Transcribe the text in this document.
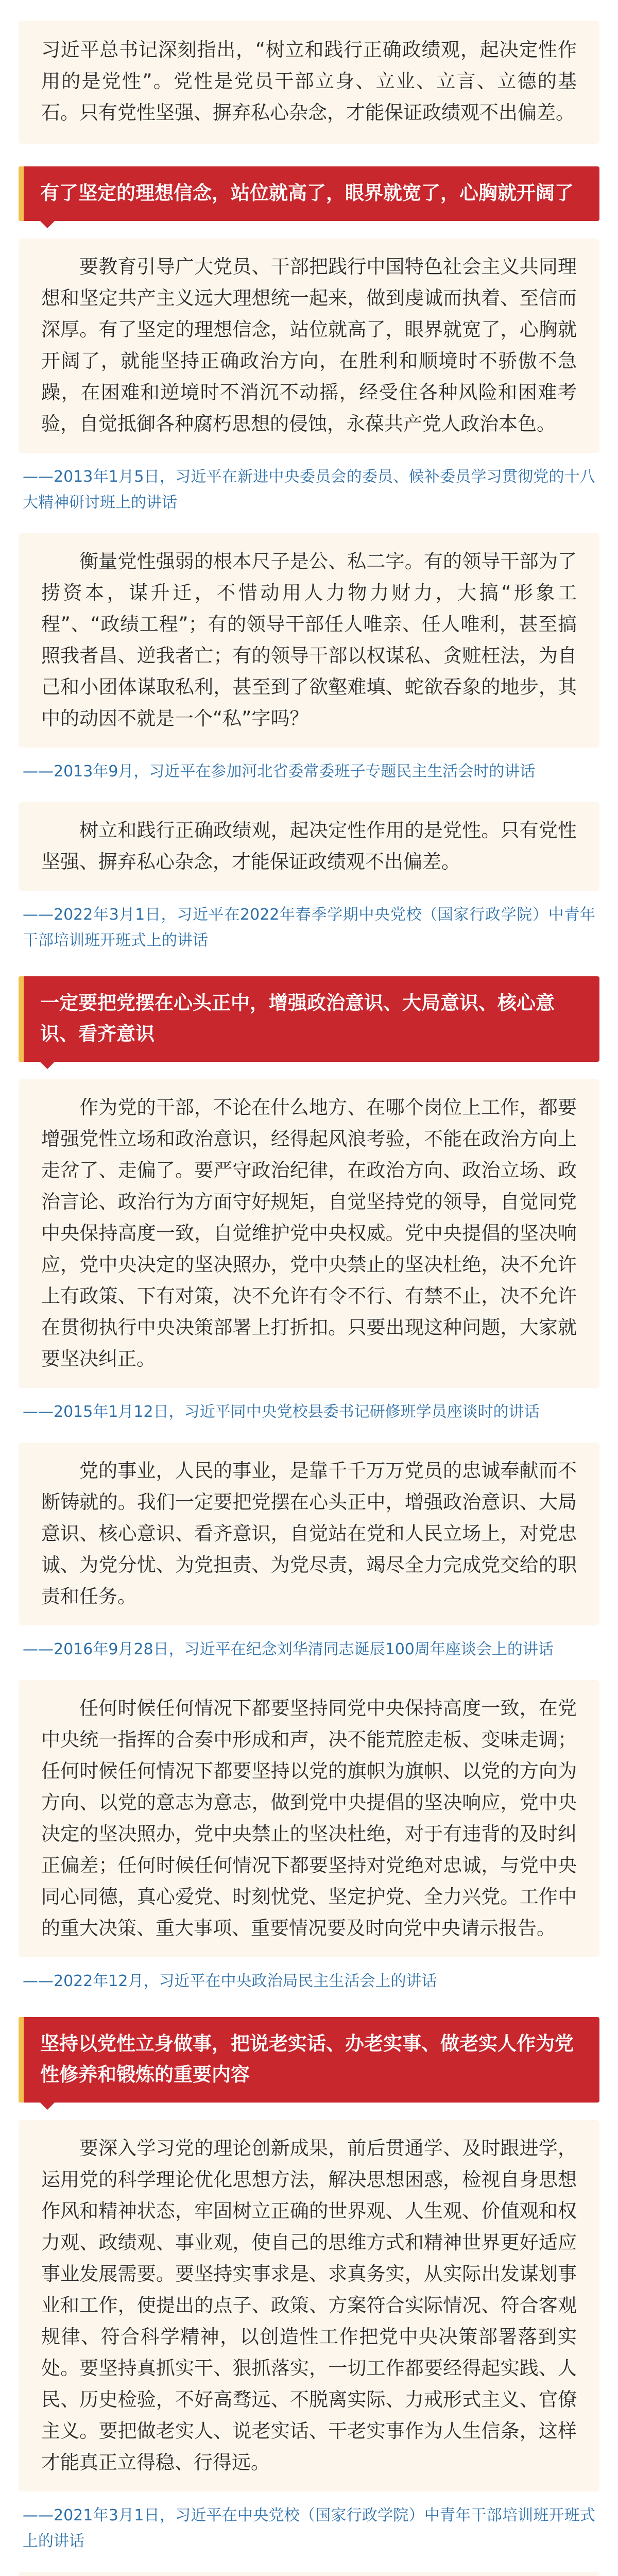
习近平总书记深刻指出，“树立和践行正确政绩观，起决定性作用的是党性”。党性是党员干部立身、立业、立言、立德的基石。只有党性坚强、摒弃私心杂念，才能保证政绩观不出偏差。

有了坚定的理想信念，站位就高了，眼界就宽了，心胸就开阔了

要教育引导广大党员、干部把践行中国特色社会主义共同理想和坚定共产主义远大理想统一起来，做到虔诚而执着、至信而深厚。有了坚定的理想信念，站位就高了，眼界就宽了，心胸就开阔了，就能坚持正确政治方向，在胜利和顺境时不骄傲不急躁，在困难和逆境时不消沉不动摇，经受住各种风险和困难考验，自觉抵御各种腐朽思想的侵蚀，永葆共产党人政治本色。

——2013年1月5日，习近平在新进中央委员会的委员、候补委员学习贯彻党的十八大精神研讨班上的讲话

衡量党性强弱的根本尺子是公、私二字。有的领导干部为了捞资本，谋升迁，不惜动用人力物力财力，大搞“形象工程”、“政绩工程”；有的领导干部任人唯亲、任人唯利，甚至搞照我者昌、逆我者亡；有的领导干部以权谋私、贪赃枉法，为自己和小团体谋取私利，甚至到了欲壑难填、蛇欲吞象的地步，其中的动因不就是一个“私”字吗？

——2013年9月，习近平在参加河北省委常委班子专题民主生活会时的讲话

树立和践行正确政绩观，起决定性作用的是党性。只有党性坚强、摒弃私心杂念，才能保证政绩观不出偏差。

——2022年3月1日，习近平在2022年春季学期中央党校（国家行政学院）中青年干部培训班开班式上的讲话
一定要把党摆在心头正中，增强政治意识、大局意识、核心意识、看齐意识

作为党的干部，不论在什么地方、在哪个岗位上工作，都要增强党性立场和政治意识，经得起风浪考验，不能在政治方向上走岔了、走偏了。要严守政治纪律，在政治方向、政治立场、政治言论、政治行为方面守好规矩，自觉坚持党的领导，自觉同党中央保持高度一致，自觉维护党中央权威。党中央提倡的坚决响应，党中央决定的坚决照办，党中央禁止的坚决杜绝，决不允许上有政策、下有对策，决不允许有令不行、有禁不止，决不允许在贯彻执行中央决策部署上打折扣。只要出现这种问题，大家就要坚决纠正。

——2015年1月12日，习近平同中央党校县委书记研修班学员座谈时的讲话

党的事业，人民的事业，是靠千千万万党员的忠诚奉献而不断铸就的。我们一定要把党摆在心头正中，增强政治意识、大局意识、核心意识、看齐意识，自觉站在党和人民立场上，对党忠诚、为党分忧、为党担责、为党尽责，竭尽全力完成党交给的职责和任务。

——2016年9月28日，习近平在纪念刘华清同志诞辰100周年座谈会上的讲话

任何时候任何情况下都要坚持同党中央保持高度一致，在党中央统一指挥的合奏中形成和声，决不能荒腔走板、变味走调；任何时候任何情况下都要坚持以党的旗帜为旗帜、以党的方向为方向、以党的意志为意志，做到党中央提倡的坚决响应，党中央决定的坚决照办，党中央禁止的坚决杜绝，对于有违背的及时纠正偏差；任何时候任何情况下都要坚持对党绝对忠诚，与党中央同心同德，真心爱党、时刻忧党、坚定护党、全力兴党。工作中的重大决策、重大事项、重要情况要及时向党中央请示报告。

——2022年12月，习近平在中央政治局民主生活会上的讲话
坚持以党性立身做事，把说老实话、办老实事、做老实人作为党性修养和锻炼的重要内容

要深入学习党的理论创新成果，前后贯通学、及时跟进学，运用党的科学理论优化思想方法，解决思想困惑，检视自身思想作风和精神状态，牢固树立正确的世界观、人生观、价值观和权力观、政绩观、事业观，使自己的思维方式和精神世界更好适应事业发展需要。要坚持实事求是、求真务实，从实际出发谋划事业和工作，使提出的点子、政策、方案符合实际情况、符合客观规律、符合科学精神，以创造性工作把党中央决策部署落到实处。要坚持真抓实干、狠抓落实，一切工作都要经得起实践、人民、历史检验，不好高骛远、不脱离实际、力戒形式主义、官僚主义。要把做老实人、说老实话、干老实事作为人生信条，这样才能真正立得稳、行得远。

——2021年3月1日，习近平在中央党校（国家行政学院）中青年干部培训班开班式上的讲话
